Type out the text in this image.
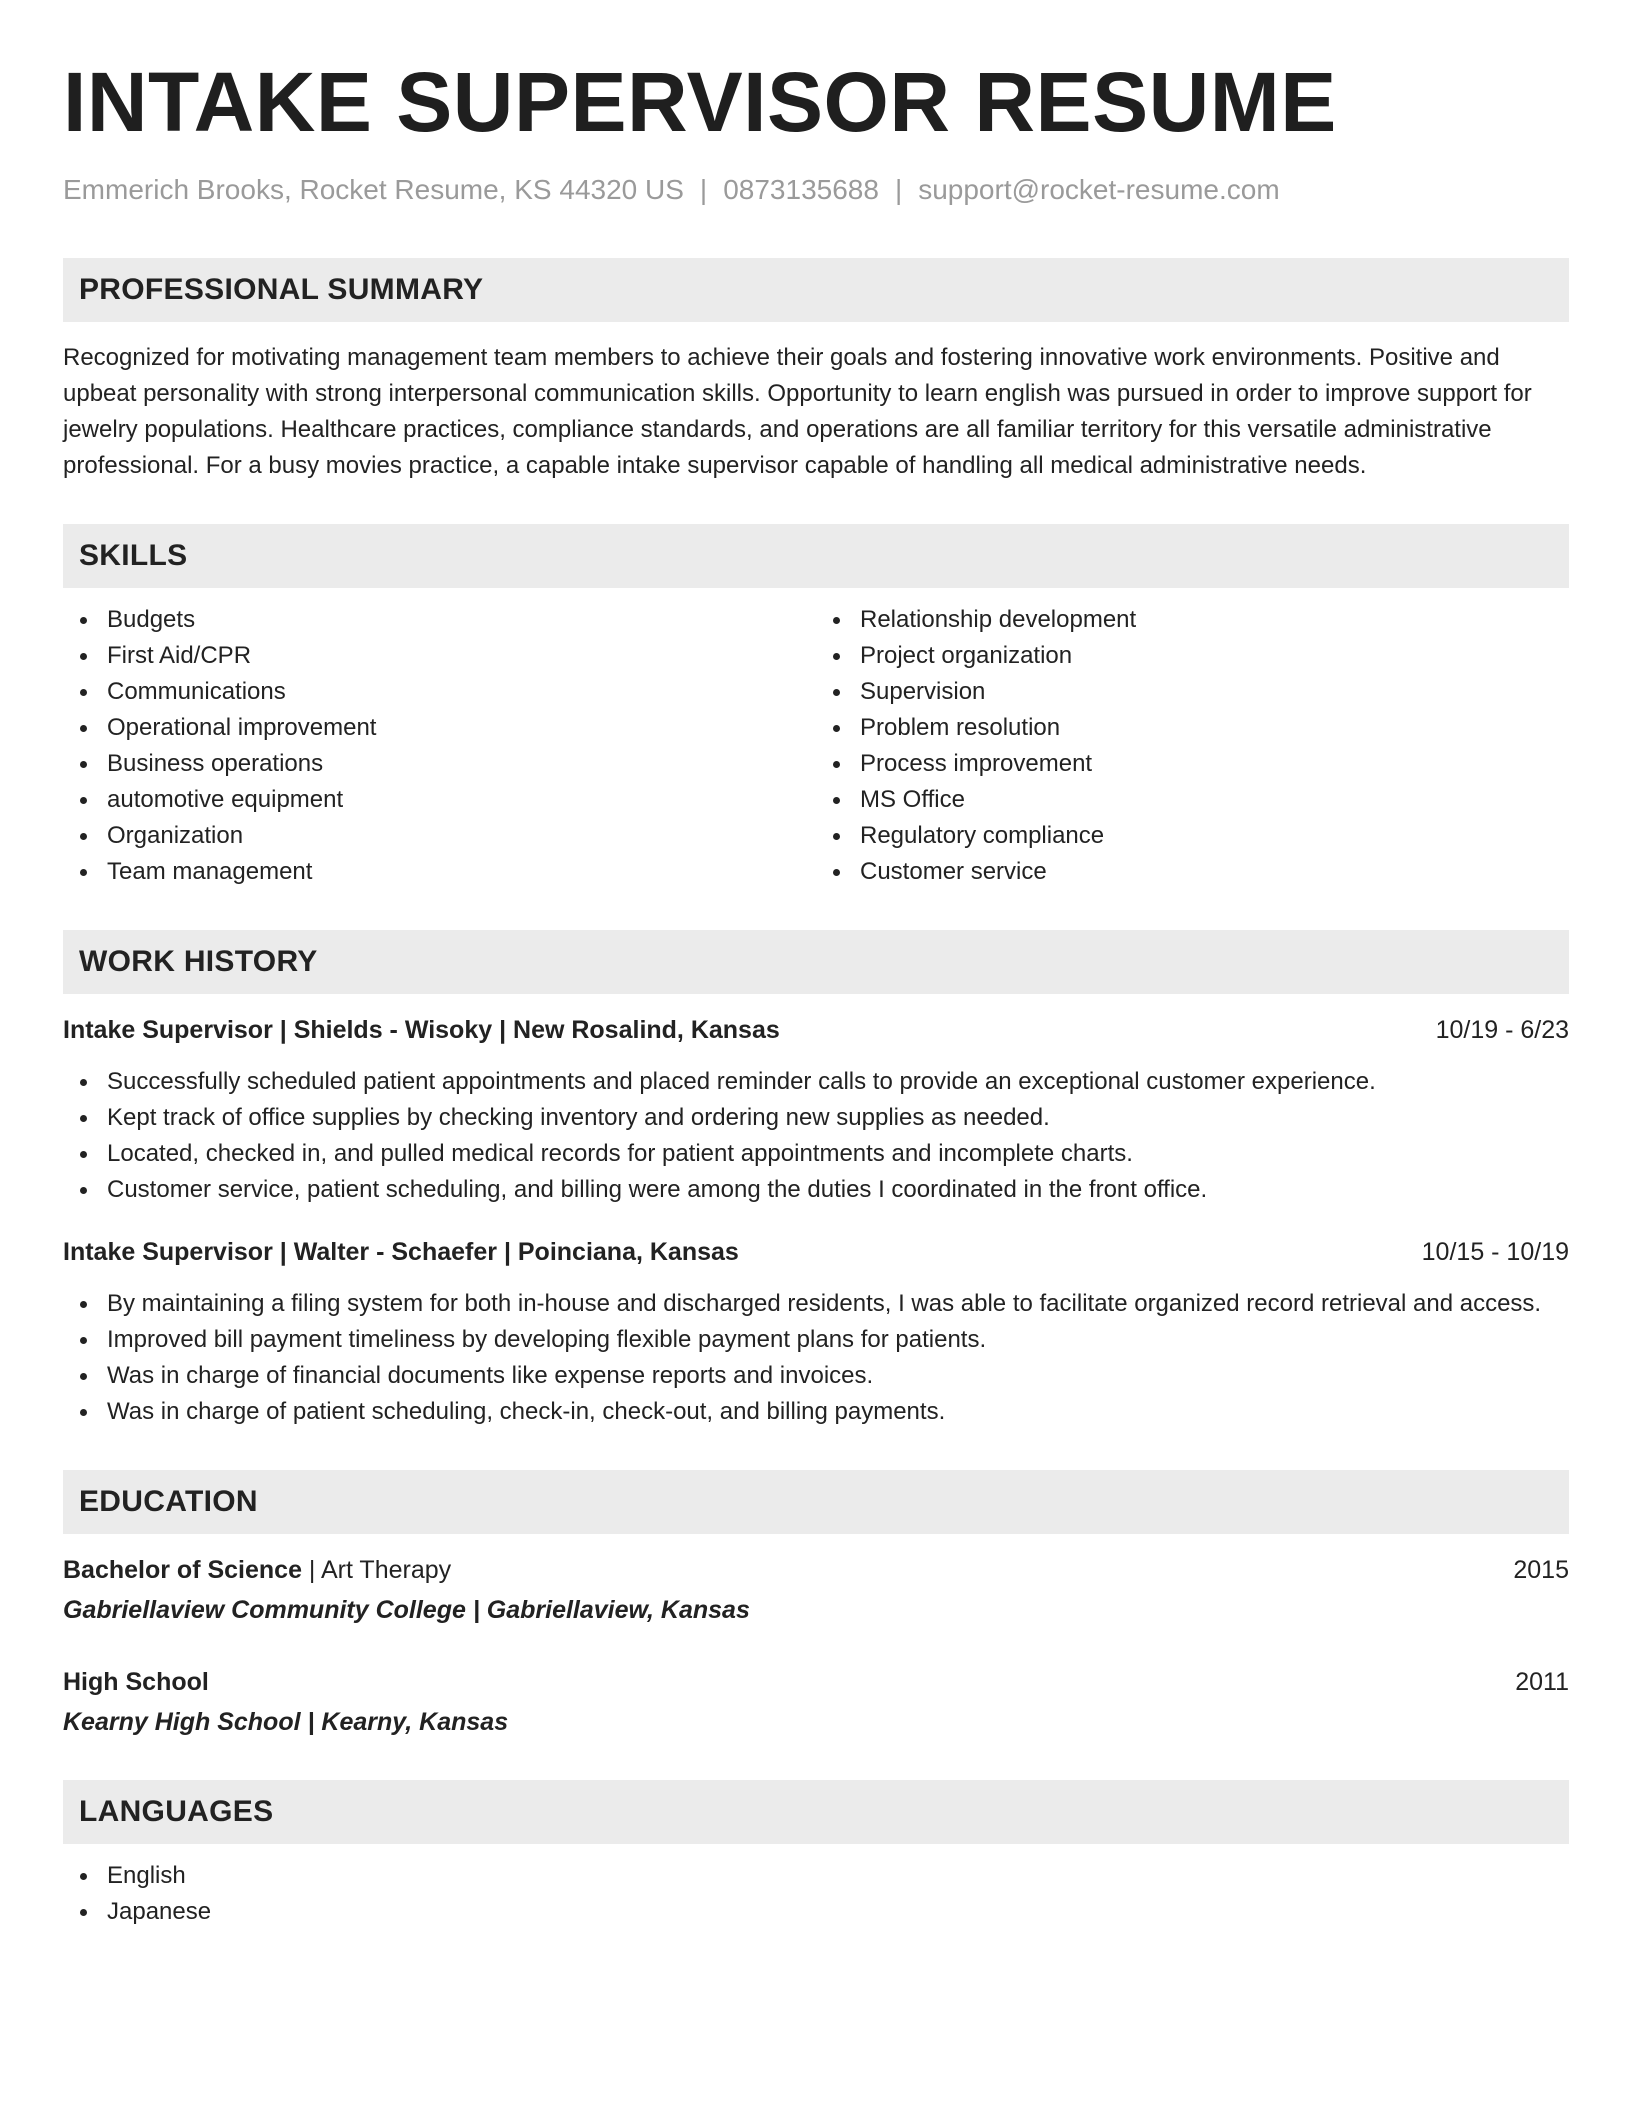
INTAKE SUPERVISOR RESUME
Emmerich Brooks, Rocket Resume, KS 44320 US | 0873135688 | support@rocket-resume.com
PROFESSIONAL SUMMARY
Recognized for motivating management team members to achieve their goals and fostering innovative work environments. Positive and upbeat personality with strong interpersonal communication skills. Opportunity to learn english was pursued in order to improve support for jewelry populations. Healthcare practices, compliance standards, and operations are all familiar territory for this versatile administrative professional. For a busy movies practice, a capable intake supervisor capable of handling all medical administrative needs.
SKILLS
Budgets
First Aid/CPR
Communications
Operational improvement
Business operations
automotive equipment
Organization
Team management
Relationship development
Project organization
Supervision
Problem resolution
Process improvement
MS Office
Regulatory compliance
Customer service
WORK HISTORY
Intake Supervisor | Shields - Wisoky | New Rosalind, Kansas	10/19 - 6/23
Successfully scheduled patient appointments and placed reminder calls to provide an exceptional customer experience.
Kept track of office supplies by checking inventory and ordering new supplies as needed.
Located, checked in, and pulled medical records for patient appointments and incomplete charts.
Customer service, patient scheduling, and billing were among the duties I coordinated in the front office.
Intake Supervisor | Walter - Schaefer | Poinciana, Kansas	10/15 - 10/19
By maintaining a filing system for both in-house and discharged residents, I was able to facilitate organized record retrieval and access.
Improved bill payment timeliness by developing flexible payment plans for patients.
Was in charge of financial documents like expense reports and invoices.
Was in charge of patient scheduling, check-in, check-out, and billing payments.
EDUCATION
Bachelor of Science | Art Therapy	2015
Gabriellaview Community College | Gabriellaview, Kansas
High School	2011
Kearny High School | Kearny, Kansas
LANGUAGES
English
Japanese
